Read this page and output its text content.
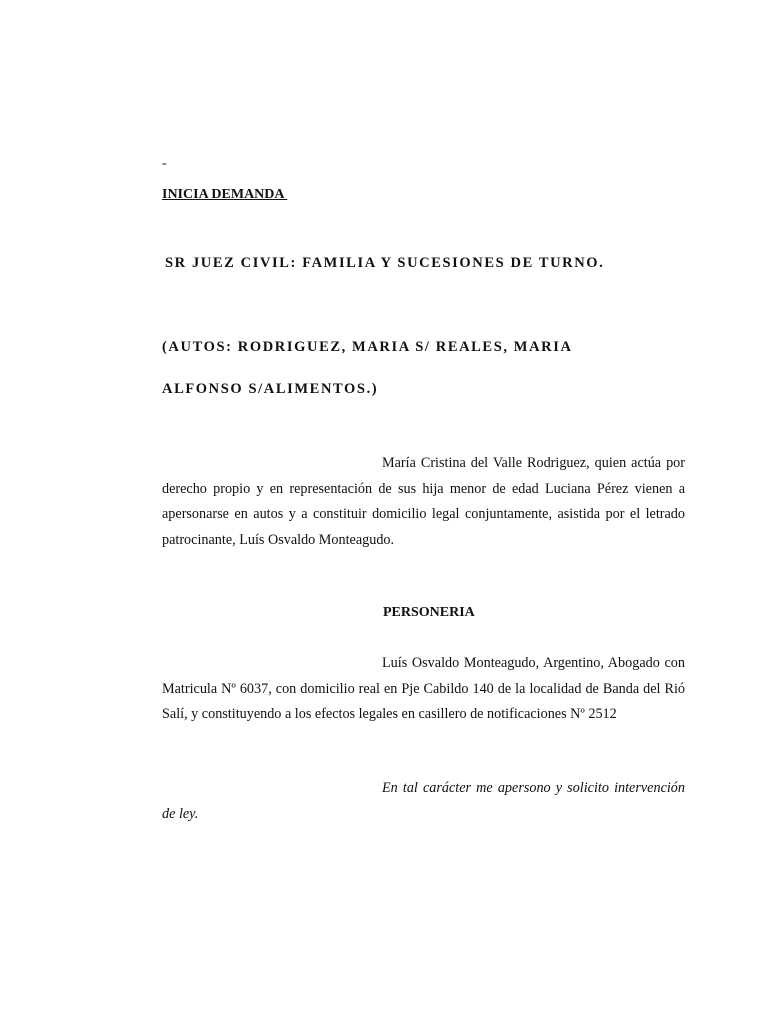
-

INICIA DEMANDA

SR JUEZ CIVIL: FAMILIA Y SUCESIONES DE TURNO.

(AUTOS: RODRIGUEZ, MARIA S/ REALES, MARIA

ALFONSO S/ALIMENTOS.)

María Cristina del Valle Rodriguez, quien actúa por derecho propio y en representación de sus hija menor de edad Luciana Pérez vienen a apersonarse en autos y a constituir domicilio legal conjuntamente, asistida por el letrado patrocinante, Luís Osvaldo Monteagudo.

PERSONERIA

Luís Osvaldo Monteagudo, Argentino, Abogado con Matricula Nº 6037, con domicilio real en Pje Cabildo 140 de la localidad de Banda del Rió Salí, y constituyendo a los efectos legales en casillero de notificaciones Nº 2512

En tal carácter me apersono y solicito intervención de ley.
